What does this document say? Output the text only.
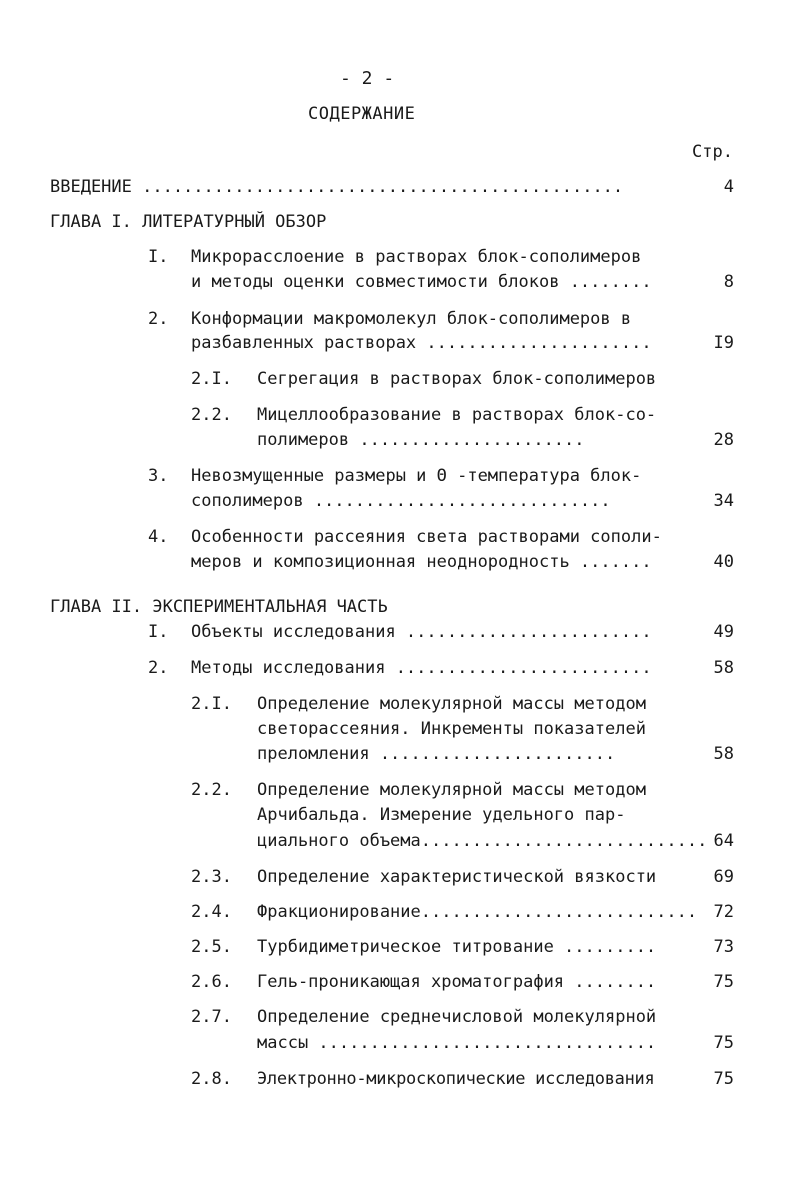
- 2 -
СОДЕРЖАНИЕ
Стр.
ВВЕДЕНИЕ ...............................................	4
ГЛАВА I. ЛИТЕРАТУРНЫЙ ОБЗОР
I. Микрорасслоение в растворах блок-сополимеров
и методы оценки совместимости блоков ........	8
2. Конформации макромолекул блок-сополимеров в
разбавленных растворах ......................	I9
2.I. Сегрегация в растворах блок-сополимеров
2.2. Мицеллообразование в растворах блок-со-
полимеров ......................	28
3. Невозмущенные размеры и Θ -температура блок-
сополимеров .............................	34
4. Особенности рассеяния света растворами сополи-
меров и композиционная неоднородность .......	40
ГЛАВА II. ЭКСПЕРИМЕНТАЛЬНАЯ ЧАСТЬ
I. Объекты исследования ........................	49
2. Методы исследования .........................	58
2.I. Определение молекулярной массы методом
светорассеяния. Инкременты показателей
преломления .......................	58
2.2. Определение молекулярной массы методом
Арчибальда. Измерение удельного пар-
циального объема............................ 64
2.3. Определение характеристической вязкости	69
2.4. Фракционирование........................... 72
2.5. Турбидиметрическое титрование .........	73
2.6. Гель-проникающая хроматография ........	75
2.7. Определение среднечисловой молекулярной
массы .................................	75
2.8. Электронно-микроскопические исследования	75
